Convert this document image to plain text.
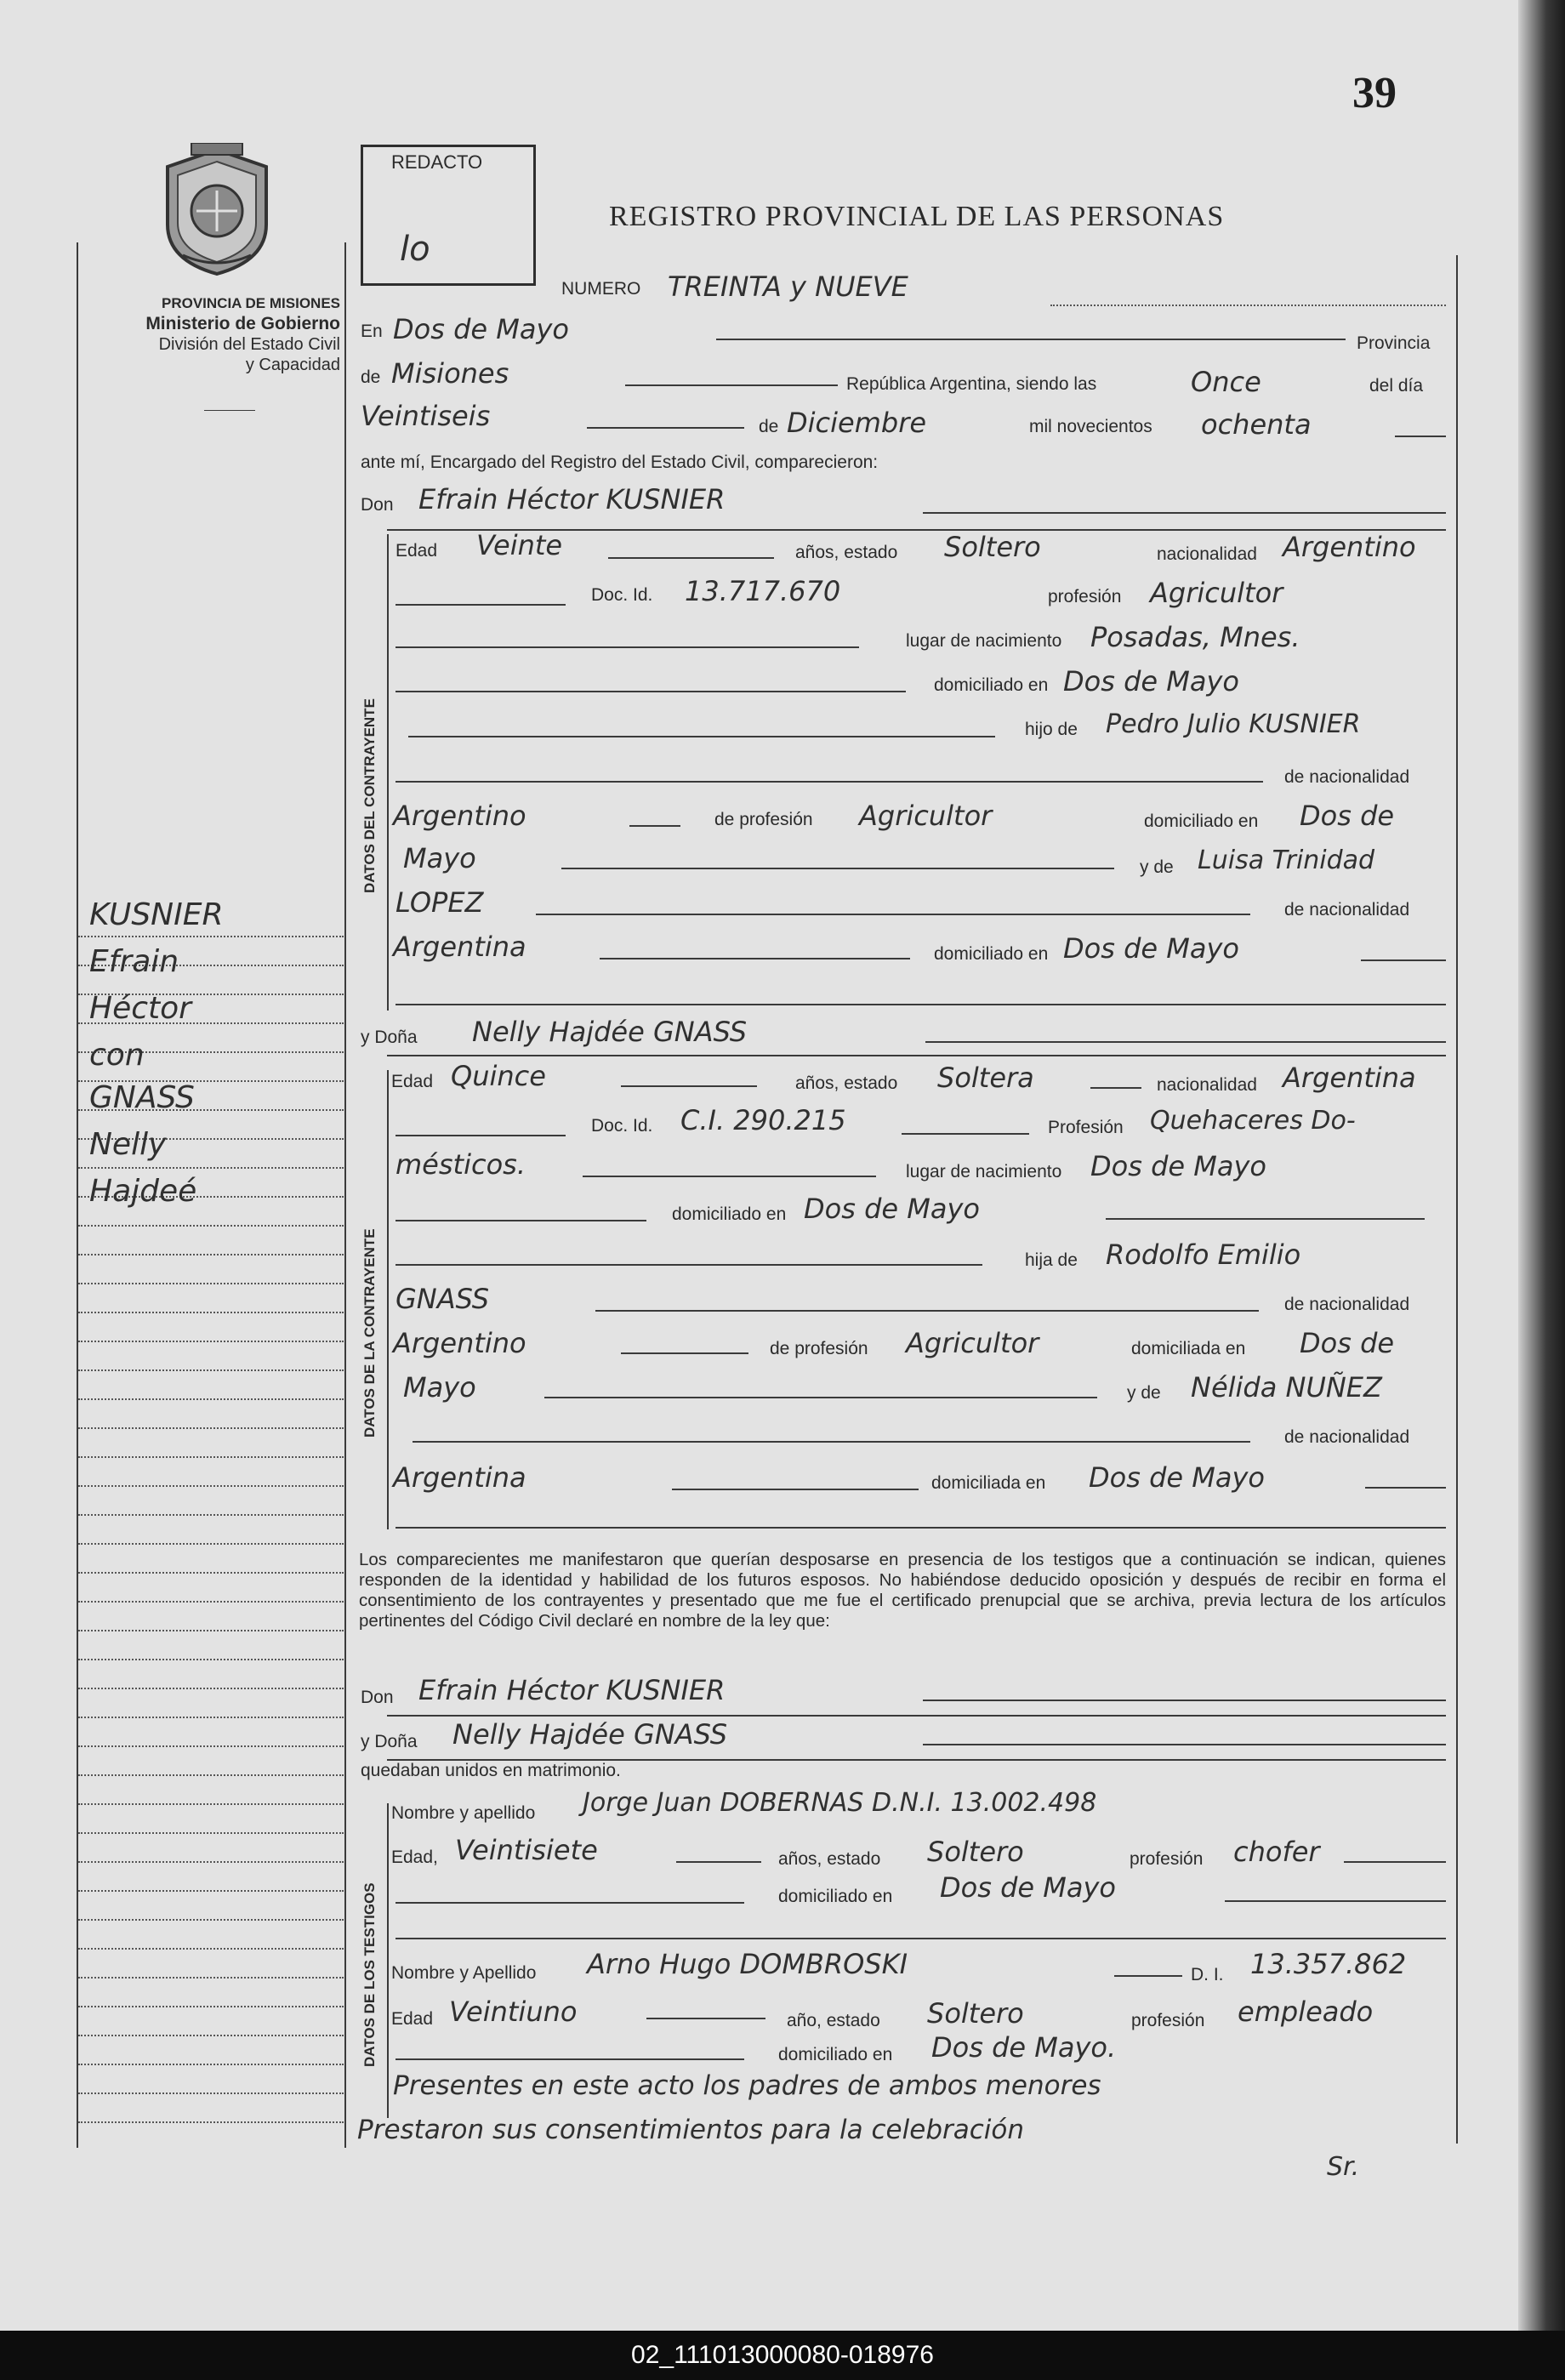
39
PROVINCIA DE MISIONES
Ministerio de Gobierno
División del Estado Civil
y Capacidad
REDACTO
lo
REGISTRO PROVINCIAL DE LAS PERSONAS
KUSNIER
Efrain
Héctor
con
GNASS
Nelly
Hajdeé
NUMERO TREINTA y NUEVE
En Dos de Mayo	Provincia
de Misiones	República Argentina, siendo las	Once	del día
Veintiseis	de Diciembre	mil novecientos ochenta
ante mí, Encargado del Registro del Estado Civil, comparecieron:
Don Efrain Héctor KUSNIER
DATOS DEL CONTRAYENTE
Edad Veinte	años, estado Soltero	nacionalidad Argentino
Doc. Id. 13.717.670	profesión Agricultor
lugar de nacimiento Posadas, Mnes.
domiciliado en Dos de Mayo
hijo de Pedro Julio KUSNIER
de nacionalidad
Argentino	de profesión Agricultor	domiciliado en Dos de
Mayo	y de Luisa Trinidad
LOPEZ	de nacionalidad
Argentina	domiciliado en Dos de Mayo
y Doña Nelly Hajdée GNASS
DATOS DE LA CONTRAYENTE
Edad Quince	años, estado Soltera	nacionalidad Argentina
Doc. Id. C.I. 290.215	Profesión Quehaceres Do-
mésticos.	lugar de nacimiento Dos de Mayo
domiciliado en Dos de Mayo
hija de Rodolfo Emilio
GNASS	de nacionalidad
Argentino	de profesión Agricultor	domiciliada en Dos de
Mayo	y de Nélida NUÑEZ
de nacionalidad
Argentina	domiciliada en Dos de Mayo
Los comparecientes me manifestaron que querían desposarse en presencia de los testigos que a continuación se indican, quienes responden de la identidad y habilidad de los futuros esposos. No habiéndose deducido oposición y después de recibir en forma el consentimiento de los contrayentes y presentado que me fue el certificado prenupcial que se archiva, previa lectura de los artículos pertinentes del Código Civil declaré en nombre de la ley que:
Don Efrain Héctor KUSNIER
y Doña Nelly Hajdée GNASS
quedaban unidos en matrimonio.
DATOS DE LOS TESTIGOS
Nombre y apellido Jorge Juan DOBERNAS D.N.I. 13.002.498
Edad, Veintisiete	años, estado Soltero	profesión chofer
domiciliado en Dos de Mayo
Nombre y Apellido Arno Hugo DOMBROSKI	D. I. 13.357.862
Edad Veintiuno	año, estado Soltero	profesión empleado
domiciliado en Dos de Mayo.
Presentes en este acto los padres de ambos menores
Prestaron sus consentimientos para la celebración
Sr.
02_111013000080-018976
